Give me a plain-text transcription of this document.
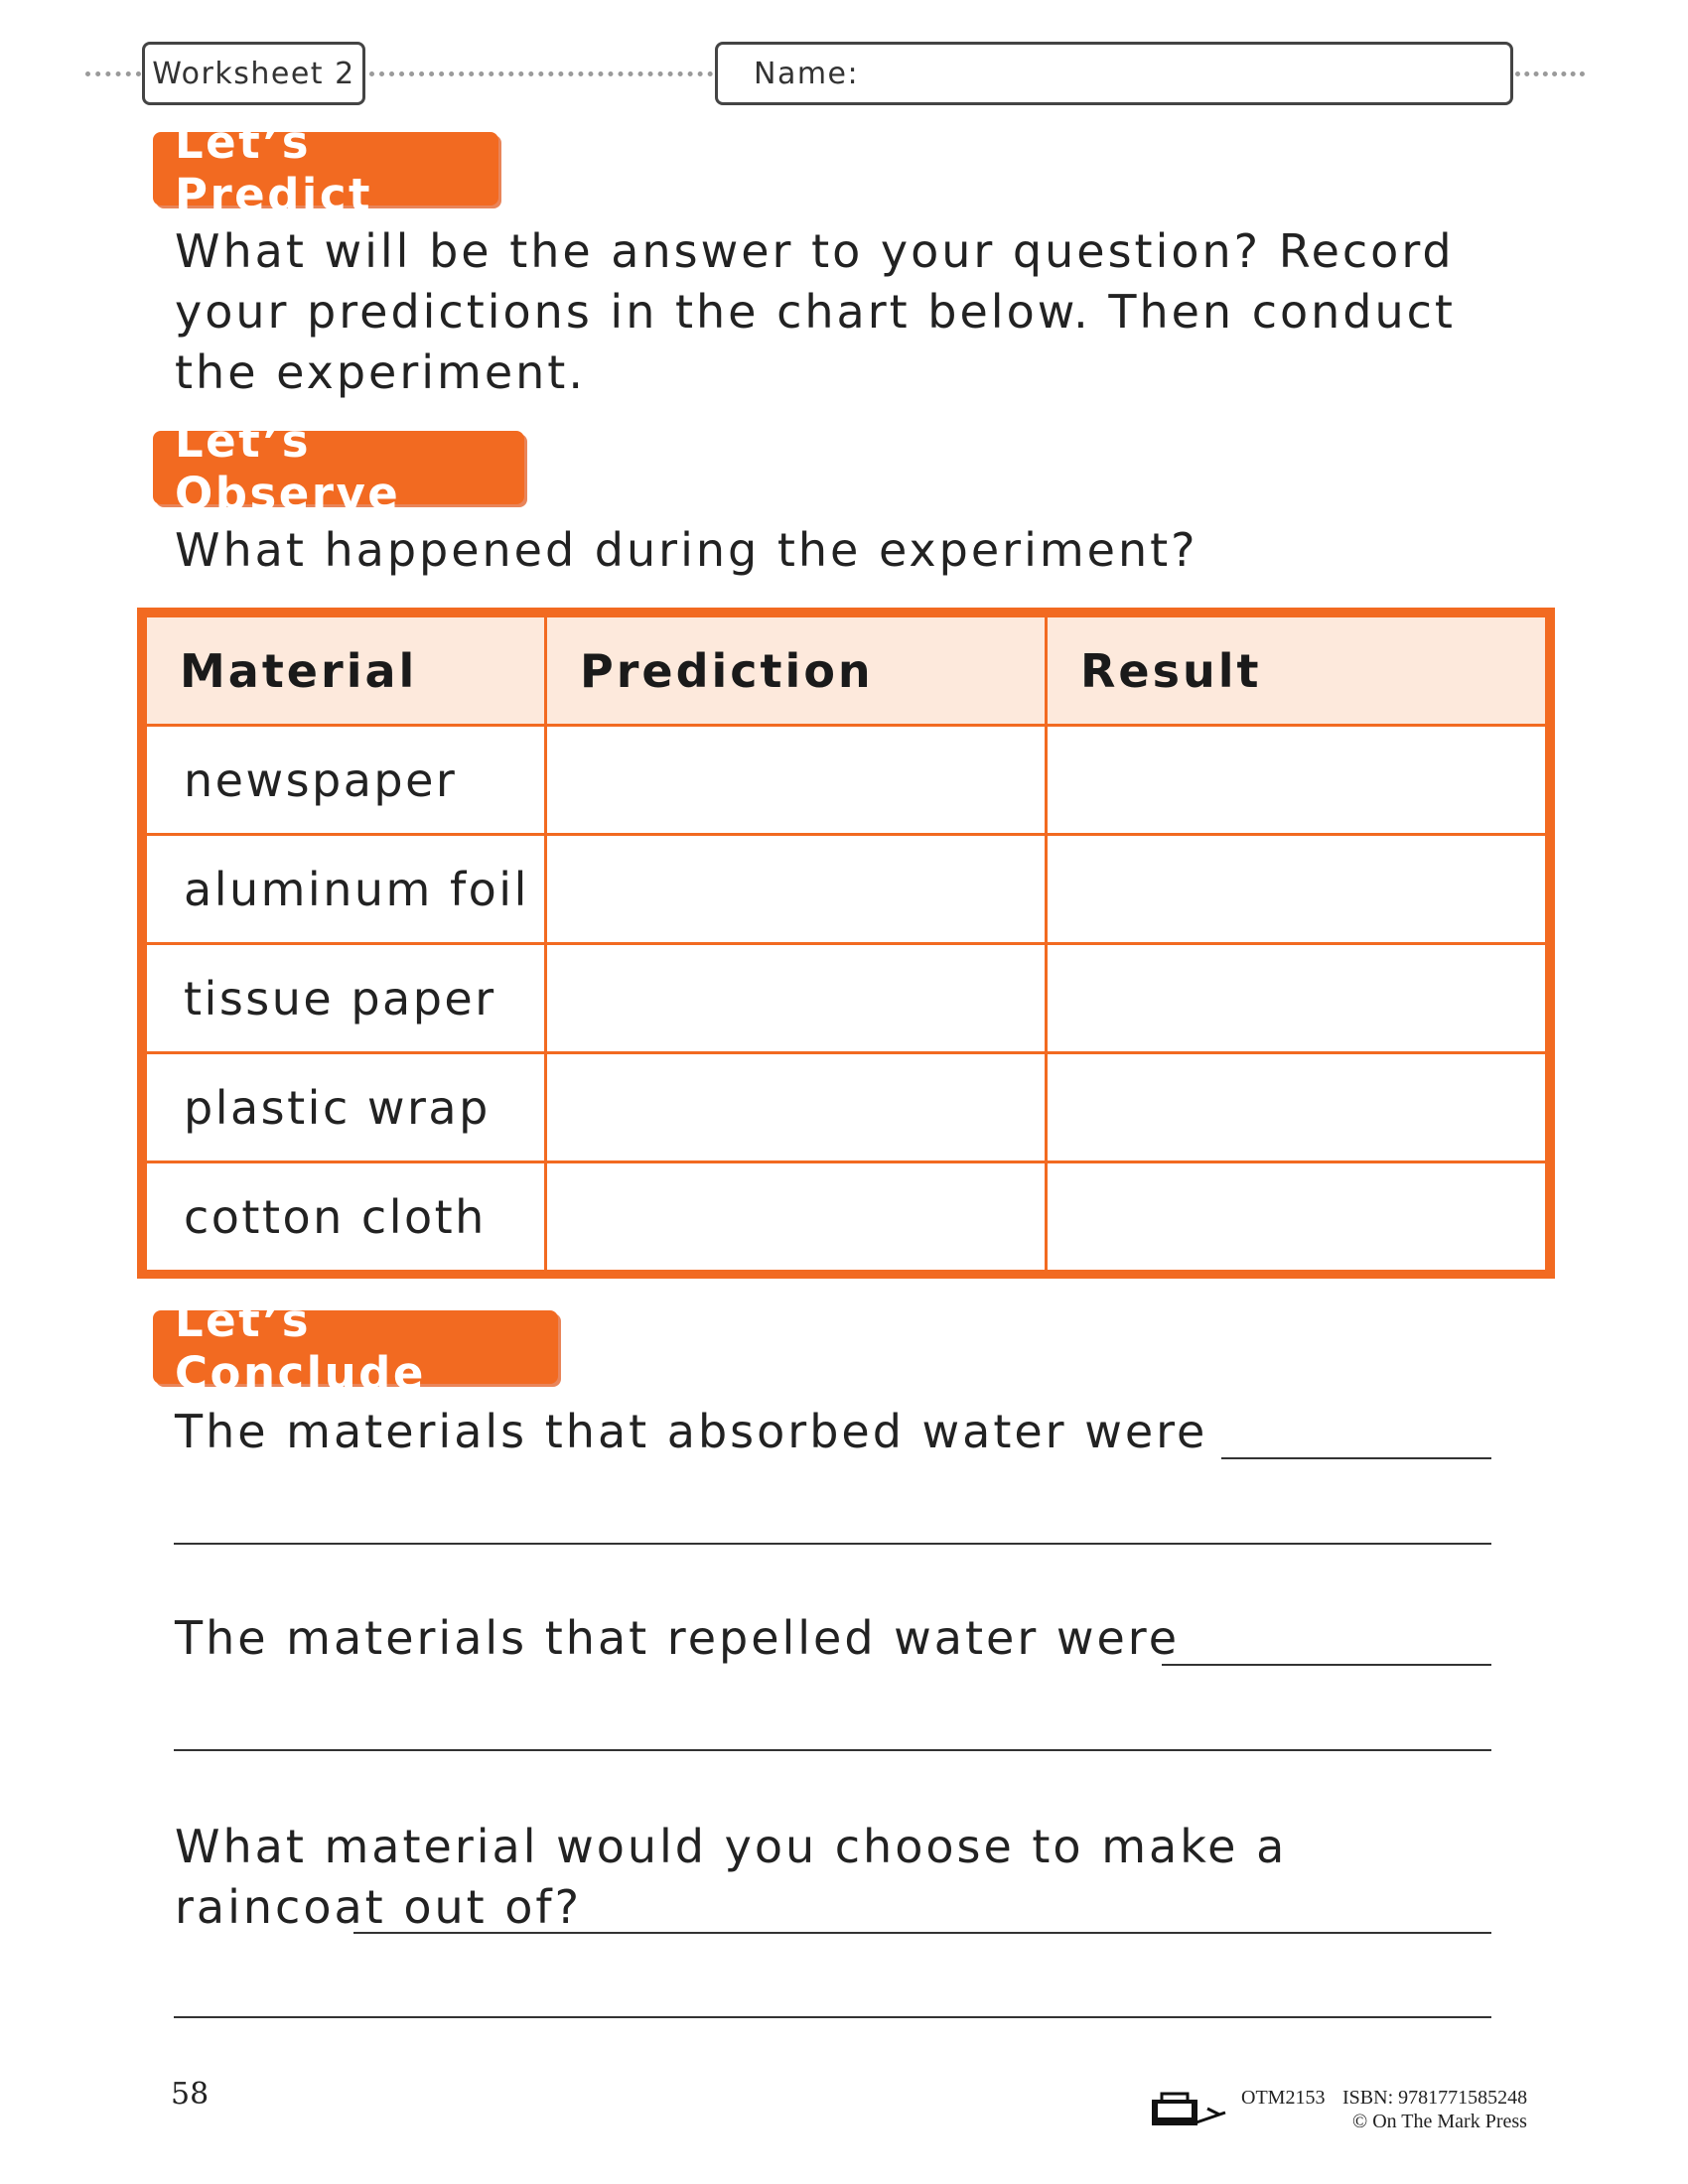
Worksheet 2	Name:
Let’s Predict
What will be the answer to your question? Record your predictions in the chart below. Then conduct the experiment.
Let’s Observe
What happened during the experiment?
Material	Prediction	Result
newspaper		
aluminum foil		
tissue paper		
plastic wrap		
cotton cloth		
Let’s Conclude
The materials that absorbed water were
The materials that repelled water were
What material would you choose to make a raincoat out of?
58	OTM2153 ISBN: 9781771585248
© On The Mark Press
